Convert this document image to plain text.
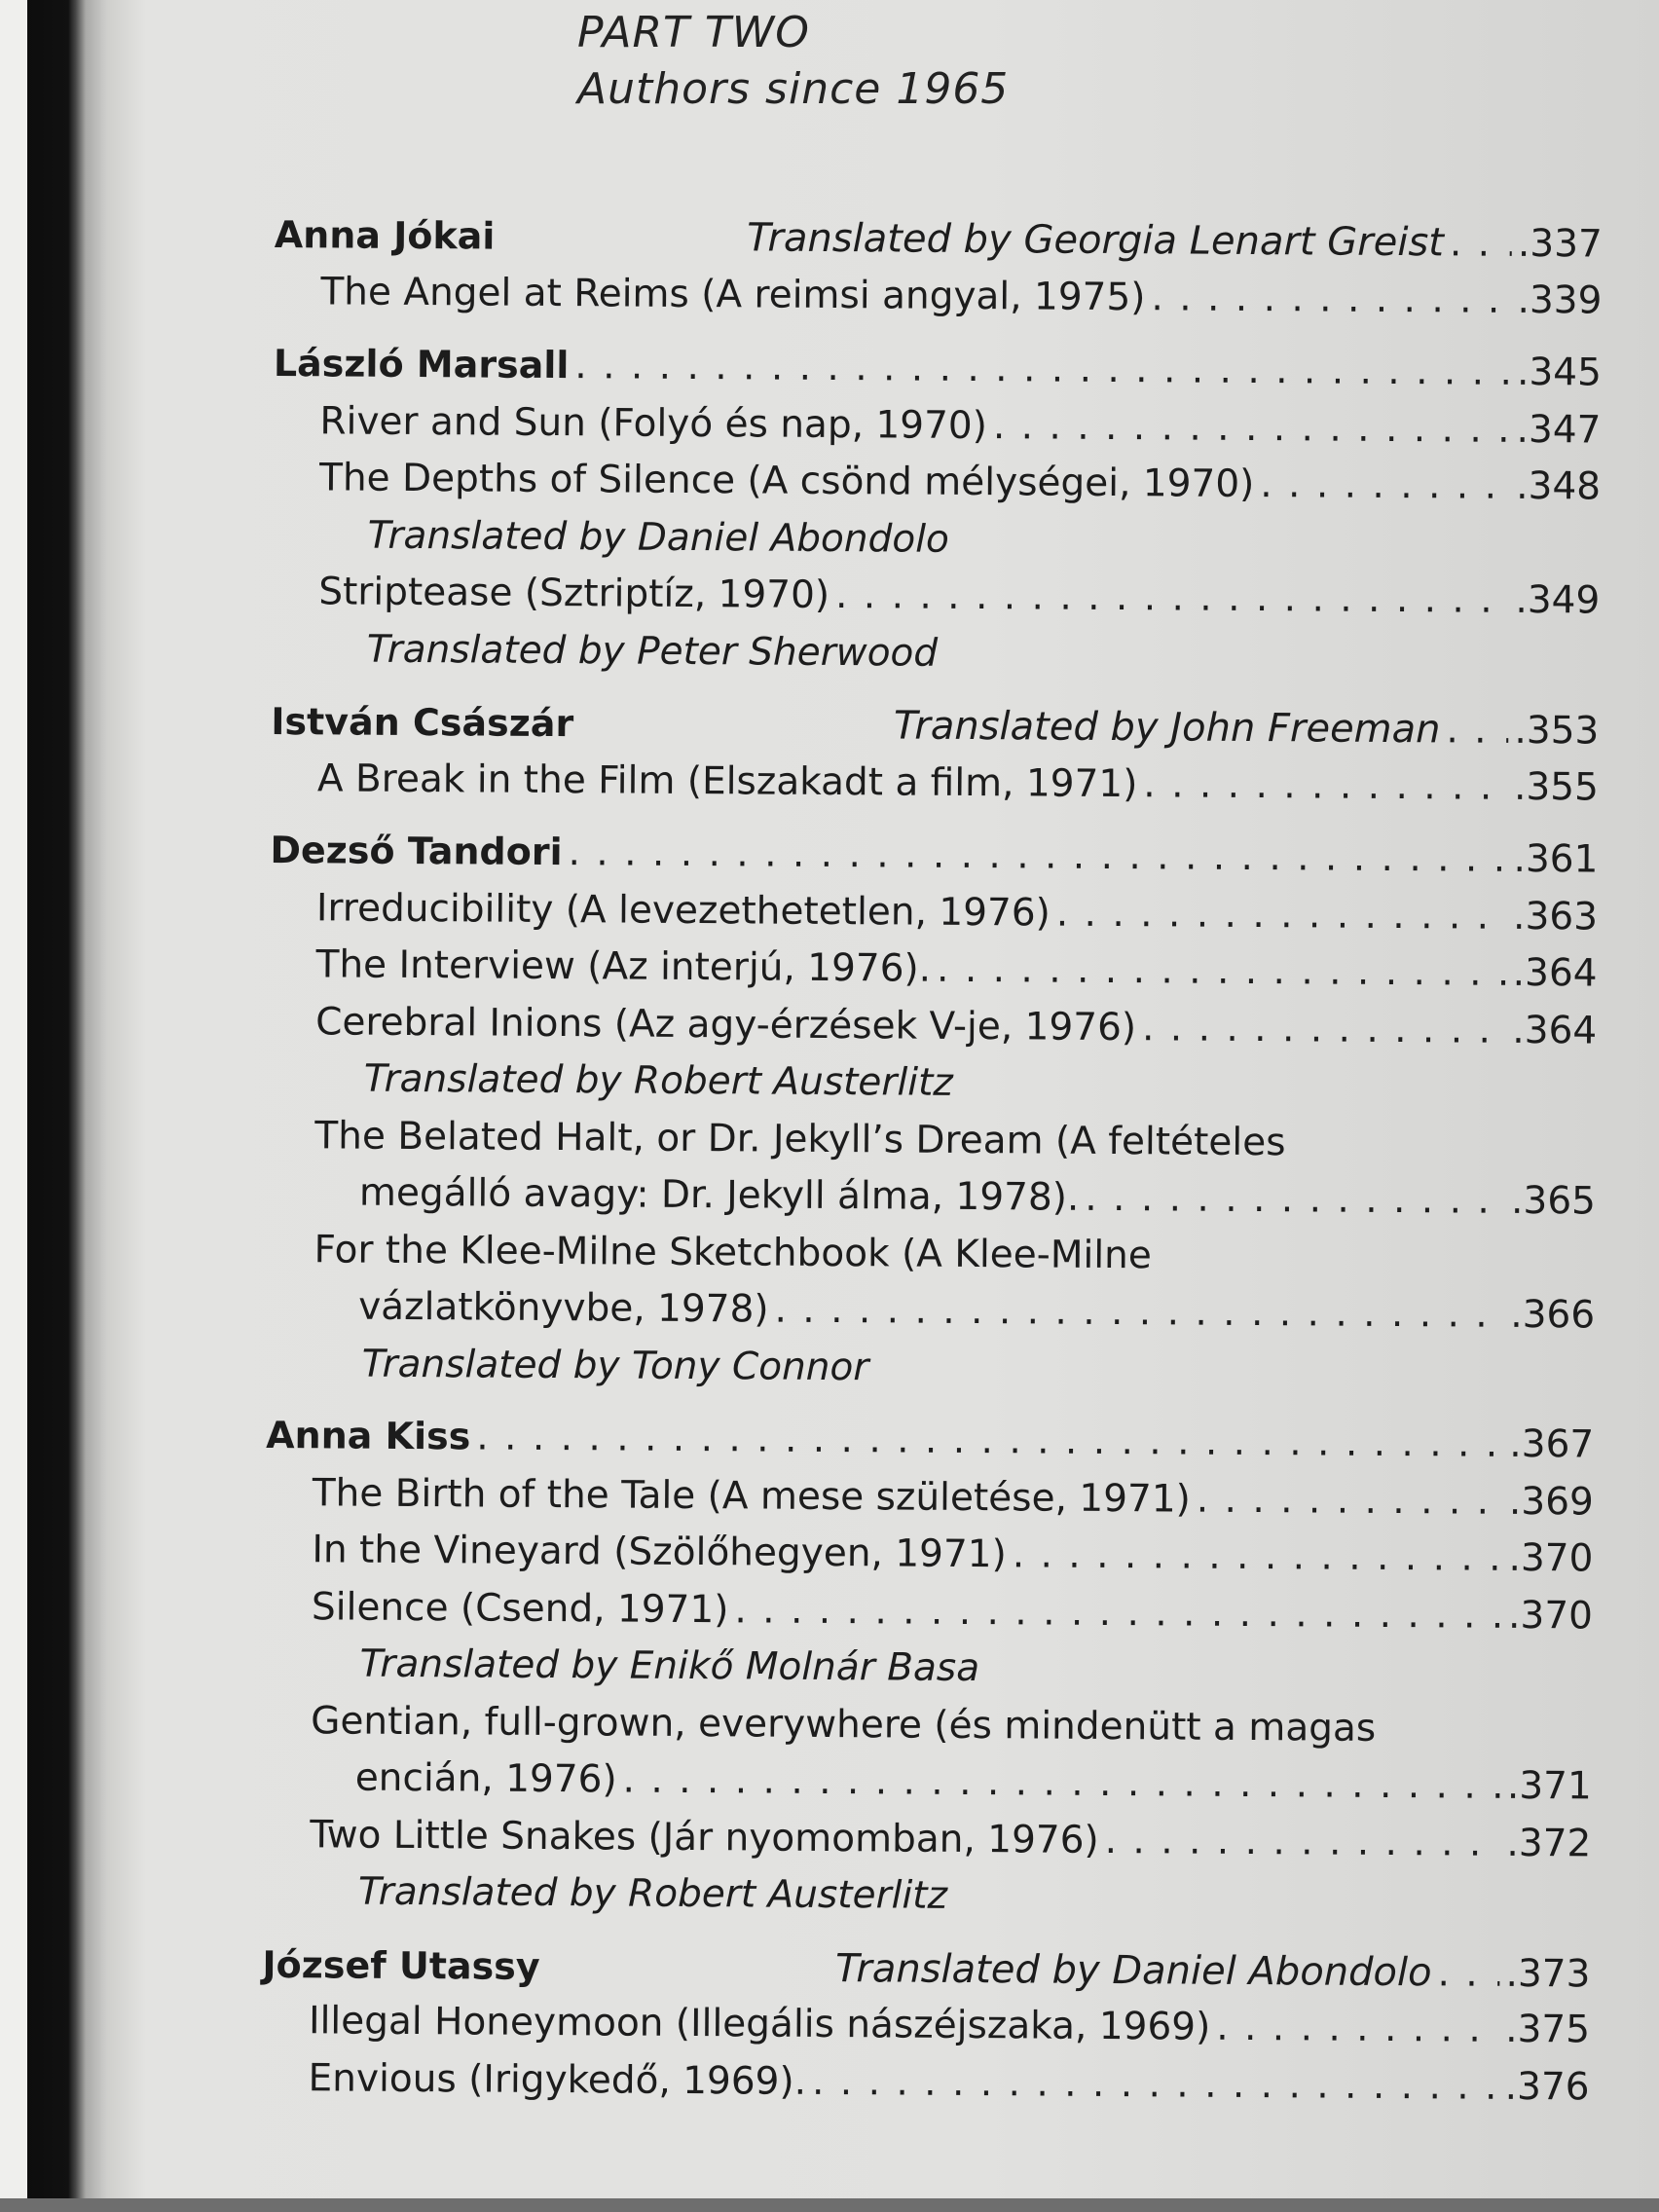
PART TWO
Authors since 1965
Anna Jókai	Translated by Georgia Lenart Greist . . . .337
The Angel at Reims (A reimsi angyal, 1975) . . .	.339
László Marsall . . .	.345
River and Sun (Folyó és nap, 1970) . . .	.347
The Depths of Silence (A csönd mélységei, 1970) . . .	.348
Translated by Daniel Abondolo
Striptease (Sztriptíz, 1970) . . .	.349
Translated by Peter Sherwood
István Császár	Translated by John Freeman . . . .353
A Break in the Film (Elszakadt a film, 1971) . . .	.355
Dezső Tandori . . .	.361
Irreducibility (A levezethetetlen, 1976) . . .	.363
The Interview (Az interjú, 1976). . . .	.364
Cerebral Inions (Az agy-érzések V-je, 1976) . . .	.364
Translated by Robert Austerlitz
The Belated Halt, or Dr. Jekyll’s Dream (A feltételes
megálló avagy: Dr. Jekyll álma, 1978). . . .	.365
For the Klee-Milne Sketchbook (A Klee-Milne
vázlatkönyvbe, 1978) . . .	.366
Translated by Tony Connor
Anna Kiss . . .	.367
The Birth of the Tale (A mese születése, 1971) . . .	.369
In the Vineyard (Szölőhegyen, 1971) . . .	.370
Silence (Csend, 1971) . . .	.370
Translated by Enikő Molnár Basa
Gentian, full-grown, everywhere (és mindenütt a magas
encián, 1976) . . .	.371
Two Little Snakes (Jár nyomomban, 1976) . . .	.372
Translated by Robert Austerlitz
József Utassy	Translated by Daniel Abondolo . . . .373
Illegal Honeymoon (Illegális nászéjszaka, 1969) . . .	.375
Envious (Irigykedő, 1969). . . .	.376
